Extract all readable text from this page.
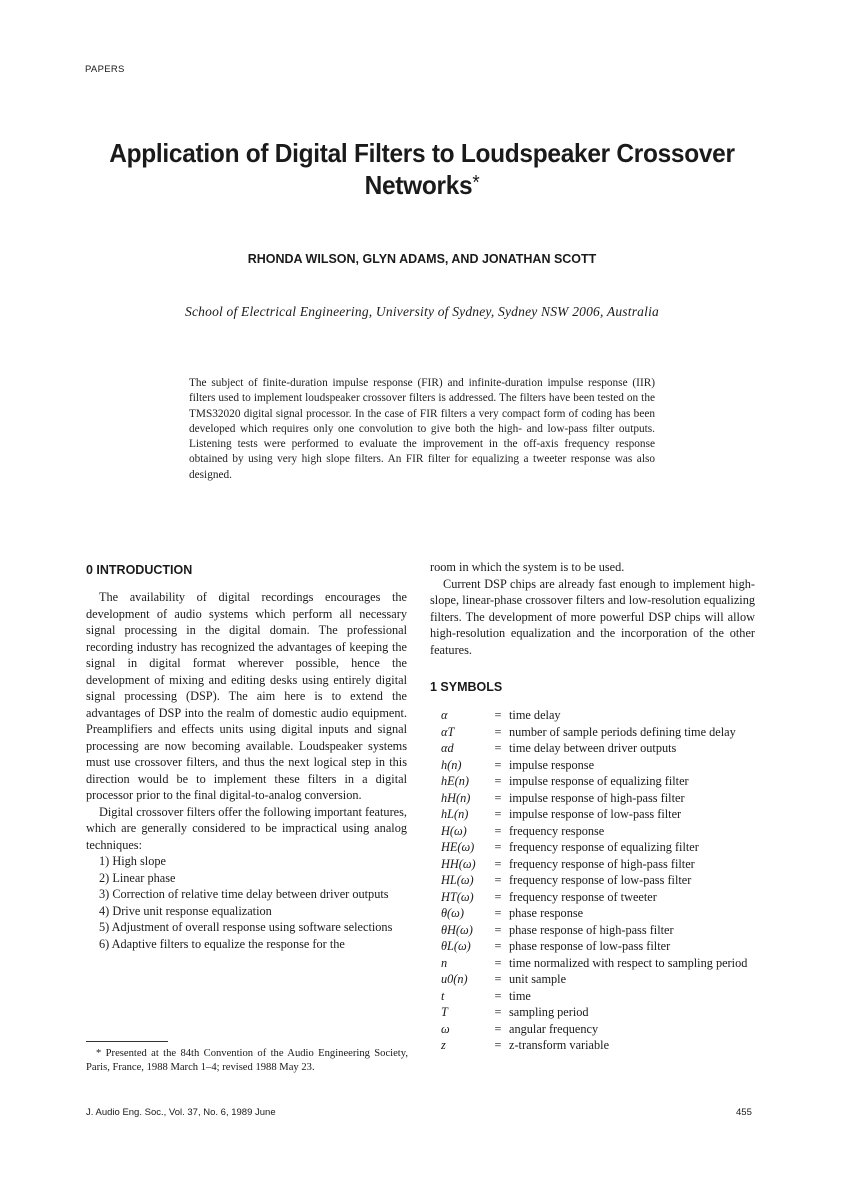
PAPERS
Application of Digital Filters to Loudspeaker Crossover Networks*
RHONDA WILSON, GLYN ADAMS, AND JONATHAN SCOTT
School of Electrical Engineering, University of Sydney, Sydney NSW 2006, Australia
The subject of finite-duration impulse response (FIR) and infinite-duration impulse response (IIR) filters used to implement loudspeaker crossover filters is addressed. The filters have been tested on the TMS32020 digital signal processor. In the case of FIR filters a very compact form of coding has been developed which requires only one convolution to give both the high- and low-pass filter outputs. Listening tests were performed to evaluate the improvement in the off-axis frequency response obtained by using very high slope filters. An FIR filter for equalizing a tweeter response was also designed.
0 INTRODUCTION

The availability of digital recordings encourages the development of audio systems which perform all necessary signal processing in the digital domain. The professional recording industry has recognized the advantages of keeping the signal in digital format wherever possible, hence the development of mixing and editing desks using entirely digital signal processing (DSP). The aim here is to extend the advantages of DSP into the realm of domestic audio equipment. Preamplifiers and effects units using digital inputs and signal processing are now becoming available. Loudspeaker systems must use crossover filters, and thus the next logical step in this direction would be to implement these filters in a digital processor prior to the final digital-to-analog conversion.

Digital crossover filters offer the following important features, which are generally considered to be impractical using analog techniques:

1) High slope

2) Linear phase

3) Correction of relative time delay between driver outputs

4) Drive unit response equalization

5) Adjustment of overall response using software selections

6) Adaptive filters to equalize the response for the

room in which the system is to be used.

Current DSP chips are already fast enough to implement high-slope, linear-phase crossover filters and low-resolution equalizing filters. The development of more powerful DSP chips will allow high-resolution equalization and the incorporation of the other features.

1 SYMBOLS
α	= time delay
αT	= number of sample periods defining time delay
αd	= time delay between driver outputs
h(n)	= impulse response
hE(n)	= impulse response of equalizing filter
hH(n)	= impulse response of high-pass filter
hL(n)	= impulse response of low-pass filter
H(ω)	= frequency response
HE(ω)	= frequency response of equalizing filter
HH(ω)	= frequency response of high-pass filter
HL(ω)	= frequency response of low-pass filter
HT(ω)	= frequency response of tweeter
θ(ω)	= phase response
θH(ω)	= phase response of high-pass filter
θL(ω)	= phase response of low-pass filter
n	= time normalized with respect to sampling period
u0(n)	= unit sample
t	= time
T	= sampling period
ω	= angular frequency
z	= z-transform variable
* Presented at the 84th Convention of the Audio Engineering Society, Paris, France, 1988 March 1–4; revised 1988 May 23.
J. Audio Eng. Soc., Vol. 37, No. 6, 1989 June	455
